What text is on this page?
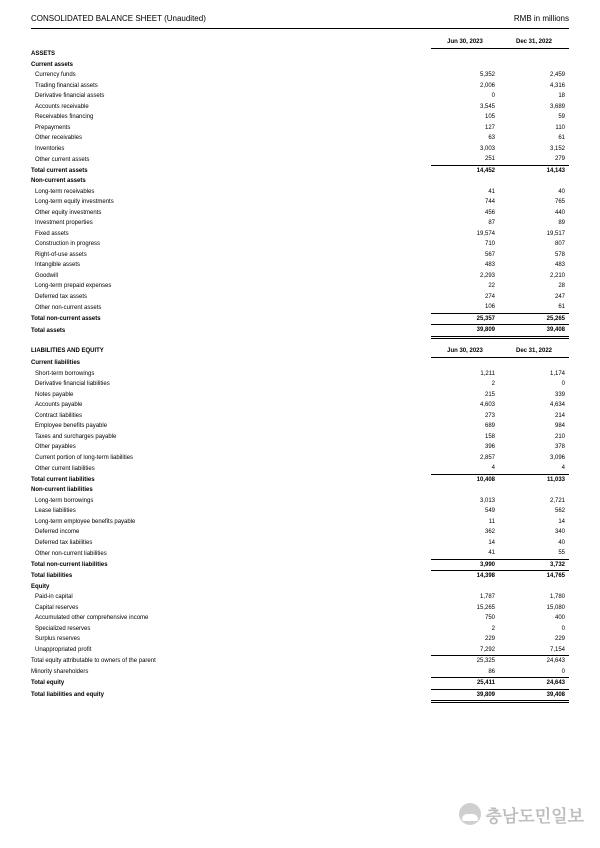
CONSOLIDATED BALANCE SHEET (Unaudited)	RMB in millions
	Jun 30, 2023	Dec 31, 2022
ASSETS		
Current assets		
Currency funds	5,352	2,459
Trading financial assets	2,006	4,316
Derivative financial assets	0	18
Accounts receivable	3,545	3,689
Receivables financing	105	59
Prepayments	127	110
Other receivables	63	61
Inventories	3,003	3,152
Other current assets	251	279
Total current assets	14,452	14,143
Non-current assets		
Long-term receivables	41	40
Long-term equity investments	744	765
Other equity investments	456	440
Investment properties	87	89
Fixed assets	19,574	19,517
Construction in progress	710	807
Right-of-use assets	567	578
Intangible assets	483	483
Goodwill	2,293	2,210
Long-term prepaid expenses	22	28
Deferred tax assets	274	247
Other non-current assets	106	61
Total non-current assets	25,357	25,265
Total assets	39,809	39,408
LIABILITIES AND EQUITY	Jun 30, 2023	Dec 31, 2022
Current liabilities		
Short-term borrowings	1,211	1,174
Derivative financial liabilities	2	0
Notes payable	215	339
Accounts payable	4,603	4,634
Contract liabilities	273	214
Employee benefits payable	689	984
Taxes and surcharges payable	158	210
Other payables	396	378
Current portion of long-term liabilities	2,857	3,096
Other current liabilities	4	4
Total current liabilities	10,408	11,033
Non-current liabilities		
Long-term borrowings	3,013	2,721
Lease liabilities	549	562
Long-term employee benefits payable	11	14
Deferred income	362	340
Deferred tax liabilities	14	40
Other non-current liabilities	41	55
Total non-current liabilities	3,990	3,732
Total liabilities	14,398	14,765
Equity		
Paid-in capital	1,787	1,780
Capital reserves	15,265	15,080
Accumulated other comprehensive income	750	400
Specialized reserves	2	0
Surplus reserves	229	229
Unappropriated profit	7,292	7,154
Total equity attributable to owners of the parent	25,325	24,643
Minority shareholders	86	0
Total equity	25,411	24,643
Total liabilities and equity	39,809	39,408
충남도민일보
